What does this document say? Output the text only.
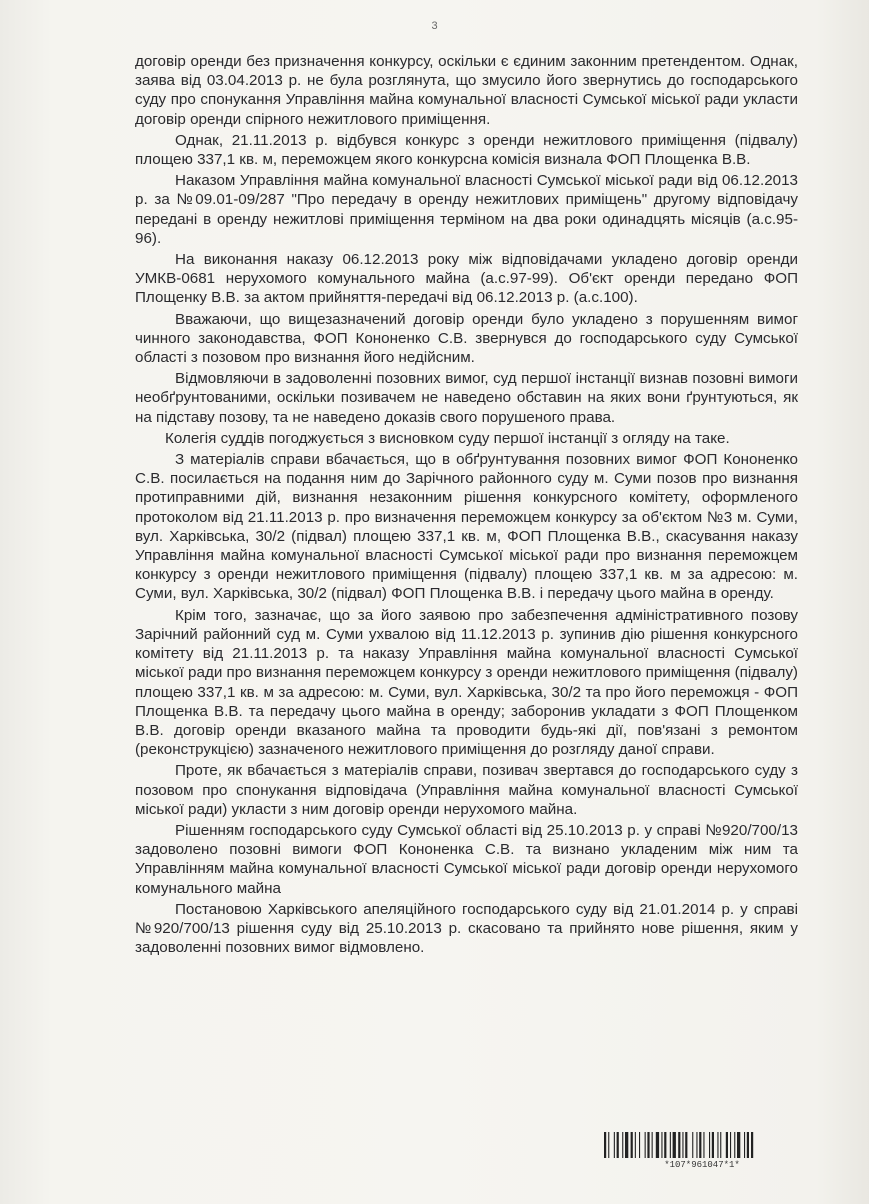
3

договір оренди без призначення конкурсу, оскільки є єдиним законним претендентом. Однак, заява від 03.04.2013 р. не була розглянута, що змусило його звернутись до господарського суду про спонукання Управління майна комунальної власності Сумської міської ради укласти договір оренди спірного нежитлового приміщення.

Однак, 21.11.2013 р. відбувся конкурс з оренди нежитлового приміщення (підвалу) площею 337,1 кв. м, переможцем якого конкурсна комісія визнала ФОП Площенка В.В.

Наказом Управління майна комунальної власності Сумської міської ради від 06.12.2013 р. за №09.01-09/287 "Про передачу в оренду нежитлових приміщень" другому відповідачу передані в оренду нежитлові приміщення терміном на два роки одинадцять місяців (а.с.95-96).

На виконання наказу 06.12.2013 року між відповідачами укладено договір оренди УМКВ-0681 нерухомого комунального майна (а.с.97-99). Об'єкт оренди передано ФОП Площенку В.В. за актом прийняття-передачі від 06.12.2013 р. (а.с.100).

Вважаючи, що вищезазначений договір оренди було укладено з порушенням вимог чинного законодавства, ФОП Кононенко С.В. звернувся до господарського суду Сумської області з позовом про визнання його недійсним.

Відмовляючи в задоволенні позовних вимог, суд першої інстанції визнав позовні вимоги необґрунтованими, оскільки позивачем не наведено обставин на яких вони ґрунтуються, як на підставу позову, та не наведено доказів свого порушеного права.

Колегія суддів погоджується з висновком суду першої інстанції з огляду на таке.

З матеріалів справи вбачається, що в обґрунтування позовних вимог ФОП Кононенко С.В. посилається на подання ним до Зарічного районного суду м. Суми позов про визнання протиправними дій, визнання незаконним рішення конкурсного комітету, оформленого протоколом від 21.11.2013 р. про визначення переможцем конкурсу за об'єктом №3 м. Суми, вул. Харківська, 30/2 (підвал) площею 337,1 кв. м, ФОП Площенка В.В., скасування наказу Управління майна комунальної власності Сумської міської ради про визнання переможцем конкурсу з оренди нежитлового приміщення (підвалу) площею 337,1 кв. м за адресою: м. Суми, вул. Харківська, 30/2 (підвал) ФОП Площенка В.В. і передачу цього майна в оренду.

Крім того, зазначає, що за його заявою про забезпечення адміністративного позову Зарічний районний суд м. Суми ухвалою від 11.12.2013 р. зупинив дію рішення конкурсного комітету від 21.11.2013 р. та наказу Управління майна комунальної власності Сумської міської ради про визнання переможцем конкурсу з оренди нежитлового приміщення (підвалу) площею 337,1 кв. м за адресою: м. Суми, вул. Харківська, 30/2 та про його переможця - ФОП Площенка В.В. та передачу цього майна в оренду; заборонив укладати з ФОП Площенком В.В. договір оренди вказаного майна та проводити будь-які дії, пов'язані з ремонтом (реконструкцією) зазначеного нежитлового приміщення до розгляду даної справи.

Проте, як вбачається з матеріалів справи, позивач звертався до господарського суду з позовом про спонукання відповідача (Управління майна комунальної власності Сумської міської ради) укласти з ним договір оренди нерухомого майна.

Рішенням господарського суду Сумської області від 25.10.2013 р. у справі №920/700/13 задоволено позовні вимоги ФОП Кононенка С.В. та визнано укладеним між ним та Управлінням майна комунальної власності Сумської міської ради договір оренди нерухомого комунального майна

Постановою Харківського апеляційного господарського суду від 21.01.2014 р. у справі №920/700/13 рішення суду від 25.10.2013 р. скасовано та прийнято нове рішення, яким у задоволенні позовних вимог відмовлено.

*107*961047*1*
